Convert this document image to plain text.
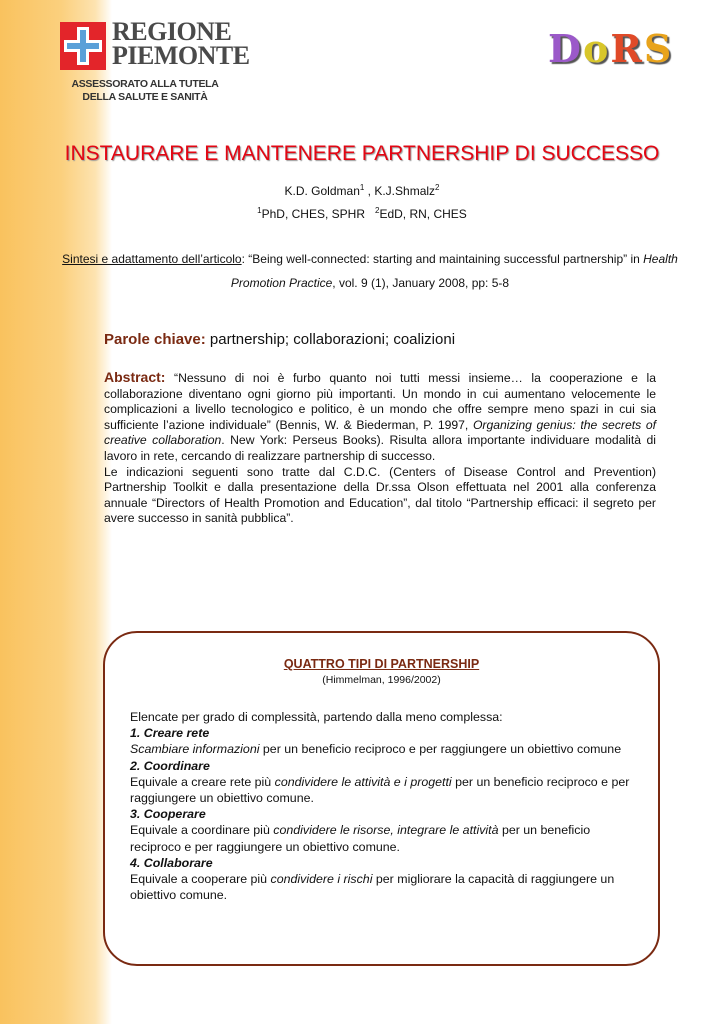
REGIONE
PIEMONTE
ASSESSORATO ALLA TUTELA
DELLA SALUTE E SANITÀ
DoRS
INSTAURARE E MANTENERE PARTNERSHIP DI SUCCESSO
K.D. Goldman$^1$ , K.J.Shmalz$^2$
$^1$PhD, CHES, SPHR $^2$EdD, RN, CHES
Sintesi e adattamento dell’articolo: “Being well-connected: starting and maintaining successful partnership” in Health Promotion Practice, vol. 9 (1), January 2008, pp: 5-8
Parole chiave: partnership; collaborazioni; coalizioni

Abstract: “Nessuno di noi è furbo quanto noi tutti messi insieme… la cooperazione e la collaborazione diventano ogni giorno più importanti. Un mondo in cui aumentano velocemente le complicazioni a livello tecnologico e politico, è un mondo che offre sempre meno spazi in cui sia sufficiente l’azione individuale” (Bennis, W. & Biederman, P. 1997, Organizing genius: the secrets of creative collaboration. New York: Perseus Books). Risulta allora importante individuare modalità di lavoro in rete, cercando di realizzare partnership di successo.

Le indicazioni seguenti sono tratte dal C.D.C. (Centers of Disease Control and Prevention) Partnership Toolkit e dalla presentazione della Dr.ssa Olson effettuata nel 2001 alla conferenza annuale “Directors of Health Promotion and Education”, dal titolo “Partnership efficaci: il segreto per avere successo in sanità pubblica”.

QUATTRO TIPI DI PARTNERSHIP
(Himmelman, 1996/2002)

Elencate per grado di complessità, partendo dalla meno complessa:

1. Creare rete

Scambiare informazioni per un beneficio reciproco e per raggiungere un obiettivo comune

2. Coordinare

Equivale a creare rete più condividere le attività e i progetti per un beneficio reciproco e per raggiungere un obiettivo comune.

3. Cooperare

Equivale a coordinare più condividere le risorse, integrare le attività per un beneficio reciproco e per raggiungere un obiettivo comune.

4. Collaborare

Equivale a cooperare più condividere i rischi per migliorare la capacità di raggiungere un obiettivo comune.
